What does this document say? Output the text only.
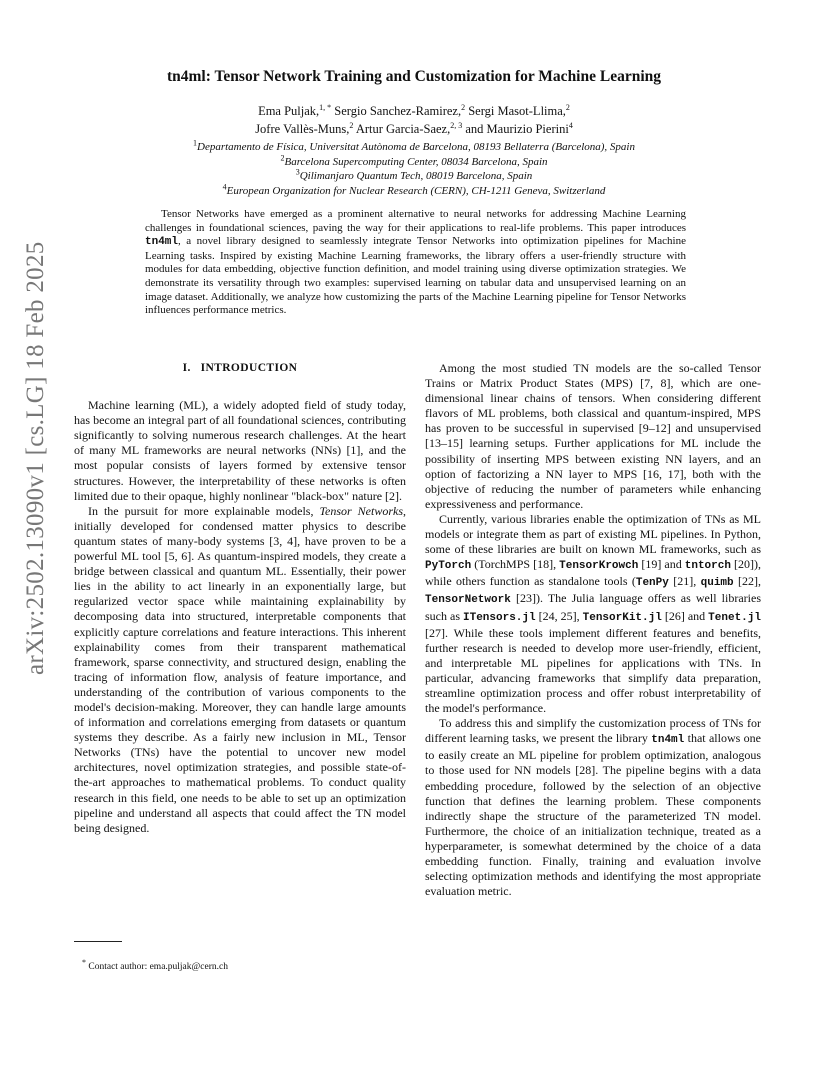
arXiv:2502.13090v1 [cs.LG] 18 Feb 2025
tn4ml: Tensor Network Training and Customization for Machine Learning
Ema Puljak,$^{1, *}$ Sergio Sanchez-Ramirez,$^2$ Sergi Masot-Llima,$^2$
Jofre Vallès-Muns,$^2$ Artur Garcia-Saez,$^{2, 3}$ and Maurizio Pierini$^4$
$^1$Departamento de Física, Universitat Autònoma de Barcelona, 08193 Bellaterra (Barcelona), Spain
$^2$Barcelona Supercomputing Center, 08034 Barcelona, Spain
$^3$Qilimanjaro Quantum Tech, 08019 Barcelona, Spain
$^4$European Organization for Nuclear Research (CERN), CH-1211 Geneva, Switzerland
Tensor Networks have emerged as a prominent alternative to neural networks for addressing Machine Learning challenges in foundational sciences, paving the way for their applications to real-life problems. This paper introduces tn4ml, a novel library designed to seamlessly integrate Tensor Networks into optimization pipelines for Machine Learning tasks. Inspired by existing Machine Learning frameworks, the library offers a user-friendly structure with modules for data embedding, objective function definition, and model training using diverse optimization strategies. We demonstrate its versatility through two examples: supervised learning on tabular data and unsupervised learning on an image dataset. Additionally, we analyze how customizing the parts of the Machine Learning pipeline for Tensor Networks influences performance metrics.
I. INTRODUCTION

Machine learning (ML), a widely adopted field of study today, has become an integral part of all foundational sciences, contributing significantly to solving numerous research challenges. At the heart of many ML frameworks are neural networks (NNs) [1], and the most popular consists of layers formed by extensive tensor structures. However, the interpretability of these networks is often limited due to their opaque, highly nonlinear "black-box" nature [2].

In the pursuit for more explainable models, Tensor Networks, initially developed for condensed matter physics to describe quantum states of many-body systems [3, 4], have proven to be a powerful ML tool [5, 6]. As quantum-inspired models, they create a bridge between classical and quantum ML. Essentially, their power lies in the ability to act linearly in an exponentially large, but regularized vector space while maintaining explainability by decomposing data into structured, interpretable components that explicitly capture correlations and feature interactions. This inherent explainability comes from their transparent mathematical framework, sparse connectivity, and structured design, enabling the tracing of information flow, analysis of feature importance, and understanding of the contribution of various components to the model's decision-making. Moreover, they can handle large amounts of information and correlations emerging from datasets or quantum systems they describe. As a fairly new inclusion in ML, Tensor Networks (TNs) have the potential to uncover new model architectures, novel optimization strategies, and possible state-of-the-art approaches to mathematical problems. To conduct quality research in this field, one needs to be able to set up an optimization pipeline and understand all aspects that could affect the TN model being designed.

* Contact author: ema.puljak@cern.ch

Among the most studied TN models are the so-called Tensor Trains or Matrix Product States (MPS) [7, 8], which are one-dimensional linear chains of tensors. When considering different flavors of ML problems, both classical and quantum-inspired, MPS has proven to be successful in supervised [9–12] and unsupervised [13–15] learning setups. Further applications for ML include the possibility of inserting MPS between existing NN layers, and an option of factorizing a NN layer to MPS [16, 17], both with the objective of reducing the number of parameters while enhancing expressiveness and performance.

Currently, various libraries enable the optimization of TNs as ML models or integrate them as part of existing ML pipelines. In Python, some of these libraries are built on known ML frameworks, such as PyTorch (TorchMPS [18], TensorKrowch [19] and tntorch [20]), while others function as standalone tools (TenPy [21], quimb [22], TensorNetwork [23]). The Julia language offers as well libraries such as ITensors.jl [24, 25], TensorKit.jl [26] and Tenet.jl [27]. While these tools implement different features and benefits, further research is needed to develop more user-friendly, efficient, and interpretable ML pipelines for applications with TNs. In particular, advancing frameworks that simplify data preparation, streamline optimization process and offer robust interpretability of the model's performance.

To address this and simplify the customization process of TNs for different learning tasks, we present the library tn4ml that allows one to easily create an ML pipeline for problem optimization, analogous to those used for NN models [28]. The pipeline begins with a data embedding procedure, followed by the selection of an objective function that defines the learning problem. These components indirectly shape the structure of the parameterized TN model. Furthermore, the choice of an initialization technique, treated as a hyperparameter, is somewhat determined by the choice of a data embedding function. Finally, training and evaluation involve selecting optimization methods and identifying the most appropriate evaluation metric.
